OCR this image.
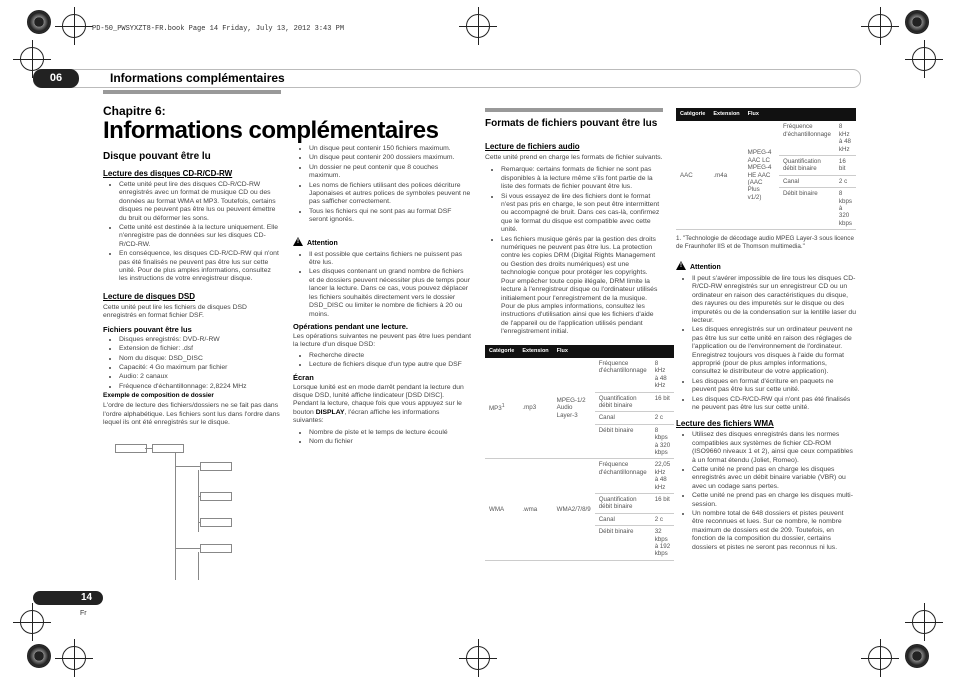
PD-50_PWSYXZT8-FR.book Page 14 Friday, July 13, 2012 3:43 PM
06	Informations complémentaires
Chapitre 6:
Informations complémentaires
Disque pouvant être lu
Lecture des disques CD-R/CD-RW
• Cette unité peut lire des disques CD-R/CD-RW enregistrés avec un format de musique CD ou des données au format WMA et MP3. Toutefois, certains disques ne peuvent pas être lus ou peuvent émettre du bruit ou déformer les sons.
• Cette unité est destinée à la lecture uniquement. Elle n'enregistre pas de données sur les disques CD-R/CD-RW.
• En conséquence, les disques CD-R/CD-RW qui n'ont pas été finalisés ne peuvent pas être lus sur cette unité. Pour de plus amples informations, consultez les instructions de votre enregistreur disque.
Lecture de disques DSD

Cette unité peut lire les fichiers de disques DSD enregistrés en format fichier DSF.

Fichiers pouvant être lus
• Disques enregistrés: DVD-R/-RW
• Extension de fichier: .dsf
• Nom du disque: DSD_DISC
• Capacité: 4 Go maximum par fichier
• Audio: 2 canaux
• Fréquence d'échantillonnage: 2,8224 MHz
Exemple de composition de dossier

L'ordre de lecture des fichiers/dossiers ne se fait pas dans l'ordre alphabétique. Les fichiers sont lus dans l'ordre dans lequel ils ont été enregistrés sur le disque.

• Un disque peut contenir 150 fichiers maximum.
• Un disque peut contenir 200 dossiers maximum.
• Un dossier ne peut contenir que 8 couches maximum.
• Les noms de fichiers utilisant des polices décriture Japonaises et autres polices de symboles peuvent ne pas safficher correctement.
• Tous les fichiers qui ne sont pas au format DSF seront ignorés.
! Attention
• Il est possible que certains fichiers ne puissent pas être lus.
• Les disques contenant un grand nombre de fichiers et de dossiers peuvent nécessiter plus de temps pour lancer la lecture. Dans ce cas, vous pouvez déplacer les fichiers souhaités directement vers le dossier DSD_DISC ou limiter le nombre de fichiers à 20 ou moins.
Opérations pendant une lecture.

Les opérations suivantes ne peuvent pas être lues pendant la lecture d'un disque DSD:

• Recherche directe
• Lecture de fichiers disque d'un type autre que DSF
Écran

Lorsque lunité est en mode darrêt pendant la lecture dun disque DSD, lunité affiche lindicateur [DSD DISC]. Pendant la lecture, chaque fois que vous appuyez sur le bouton DISPLAY, l'écran affiche les informations suivantes:

• Nombre de piste et le temps de lecture écoulé
• Nom du fichier
Formats de fichiers pouvant être lus
Lecture de fichiers audio

Cette unité prend en charge les formats de fichier suivants.

• Remarque: certains formats de fichier ne sont pas disponibles à la lecture même s'ils font partie de la liste des formats de fichier pouvant être lus.
• Si vous essayez de lire des fichiers dont le format n'est pas pris en charge, le son peut être intermittent ou accompagné de bruit. Dans ces cas-là, confirmez que le format du disque est compatible avec cette unité.
• Les fichiers musique gérés par la gestion des droits numériques ne peuvent pas être lus. La protection contre les copies DRM (Digital Rights Management ou Gestion des droits numériques) est une technologie conçue pour protéger les copyrights. Pour empêcher toute copie illégale, DRM limite la lecture à l'enregistreur disque ou l'ordinateur utilisés initialement pour l'enregistrement de la musique. Pour de plus amples informations, consultez les instructions d'utilisation ainsi que les fichiers d'aide de l'appareil ou de l'application utilisés pendant l'enregistrement initial.
Catégorie	Extension	Flux		
$MP3^1$	.mp3	MPEG-1/2 Audio Layer-3	Fréquence d'échantillonnage	8 kHz à 48 kHz
			Quantification débit binaire	16 bit
			Canal	2 c
			Débit binaire	8 kbps à 320 kbps
WMA	.wma	WMA2/7/8/9	Fréquence d'échantillonnage	22,05 kHz à 48 kHz
			Quantification débit binaire	16 bit
			Canal	2 c
			Débit binaire	32 kbps à 192 kbps
Catégorie	Extension	Flux		
AAC	.m4a	MPEG-4 AAC LC MPEG-4 HE AAC (AAC Plus v1/2)	Fréquence d'échantillonnage	8 kHz à 48 kHz
			Quantification débit binaire	16 bit
			Canal	2 c
			Débit binaire	8 kbps à 320 kbps

1. "Technologie de décodage audio MPEG Layer-3 sous licence de Fraunhofer IIS et de Thomson multimedia."

! Attention
• Il peut s'avérer impossible de lire tous les disques CD-R/CD-RW enregistrés sur un enregistreur CD ou un ordinateur en raison des caractéristiques du disque, des rayures ou des impuretés sur le disque ou des impuretés ou de la condensation sur la lentille laser du lecteur.
• Les disques enregistrés sur un ordinateur peuvent ne pas être lus sur cette unité en raison des réglages de l'application ou de l'environnement de l'ordinateur. Enregistrez toujours vos disques à l'aide du format approprié (pour de plus amples informations, consultez le distributeur de votre application).
• Les disques en format d'écriture en paquets ne peuvent pas être lus sur cette unité.
• Les disques CD-R/CD-RW qui n'ont pas été finalisés ne peuvent pas être lus sur cette unité.
Lecture des fichiers WMA
• Utilisez des disques enregistrés dans les normes compatibles aux systèmes de fichier CD-ROM (ISO9660 niveaux 1 et 2), ainsi que ceux compatibles à un format étendu (Joliet, Romeo).
• Cette unité ne prend pas en charge les disques enregistrés avec un débit binaire variable (VBR) ou avec un codage sans pertes.
• Cette unité ne prend pas en charge les disques multi-session.
• Un nombre total de 648 dossiers et pistes peuvent être reconnues et lues. Sur ce nombre, le nombre maximum de dossiers est de 209. Toutefois, en fonction de la composition du dossier, certains dossiers et pistes ne seront pas reconnus ni lus.
14
Fr
